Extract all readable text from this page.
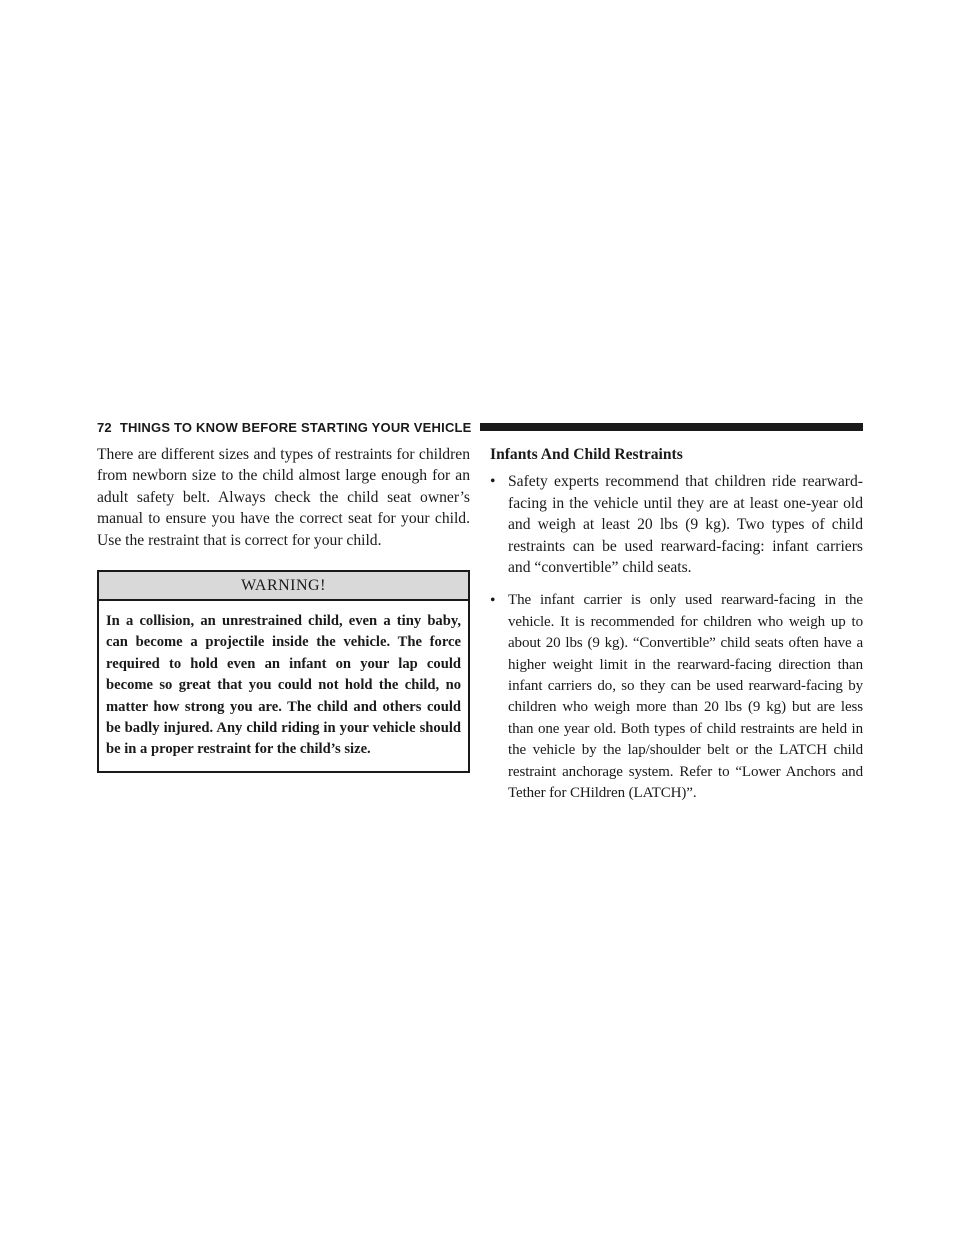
72 THINGS TO KNOW BEFORE STARTING YOUR VEHICLE

There are different sizes and types of restraints for children from newborn size to the child almost large enough for an adult safety belt. Always check the child seat owner’s manual to ensure you have the correct seat for your child. Use the restraint that is correct for your child.

WARNING!

In a collision, an unrestrained child, even a tiny baby, can become a projectile inside the vehicle. The force required to hold even an infant on your lap could become so great that you could not hold the child, no matter how strong you are. The child and others could be badly injured. Any child riding in your vehicle should be in a proper restraint for the child’s size.

Infants And Child Restraints
• Safety experts recommend that children ride rearward-facing in the vehicle until they are at least one-year old and weigh at least 20 lbs (9 kg). Two types of child restraints can be used rearward-facing: infant carriers and “convertible” child seats.

• The infant carrier is only used rearward-facing in the vehicle. It is recommended for children who weigh up to about 20 lbs (9 kg). “Convertible” child seats often have a higher weight limit in the rearward-facing direction than infant carriers do, so they can be used rearward-facing by children who weigh more than 20 lbs (9 kg) but are less than one year old. Both types of child restraints are held in the vehicle by the lap/shoulder belt or the LATCH child restraint anchorage system. Refer to “Lower Anchors and Tether for CHildren (LATCH)”.
